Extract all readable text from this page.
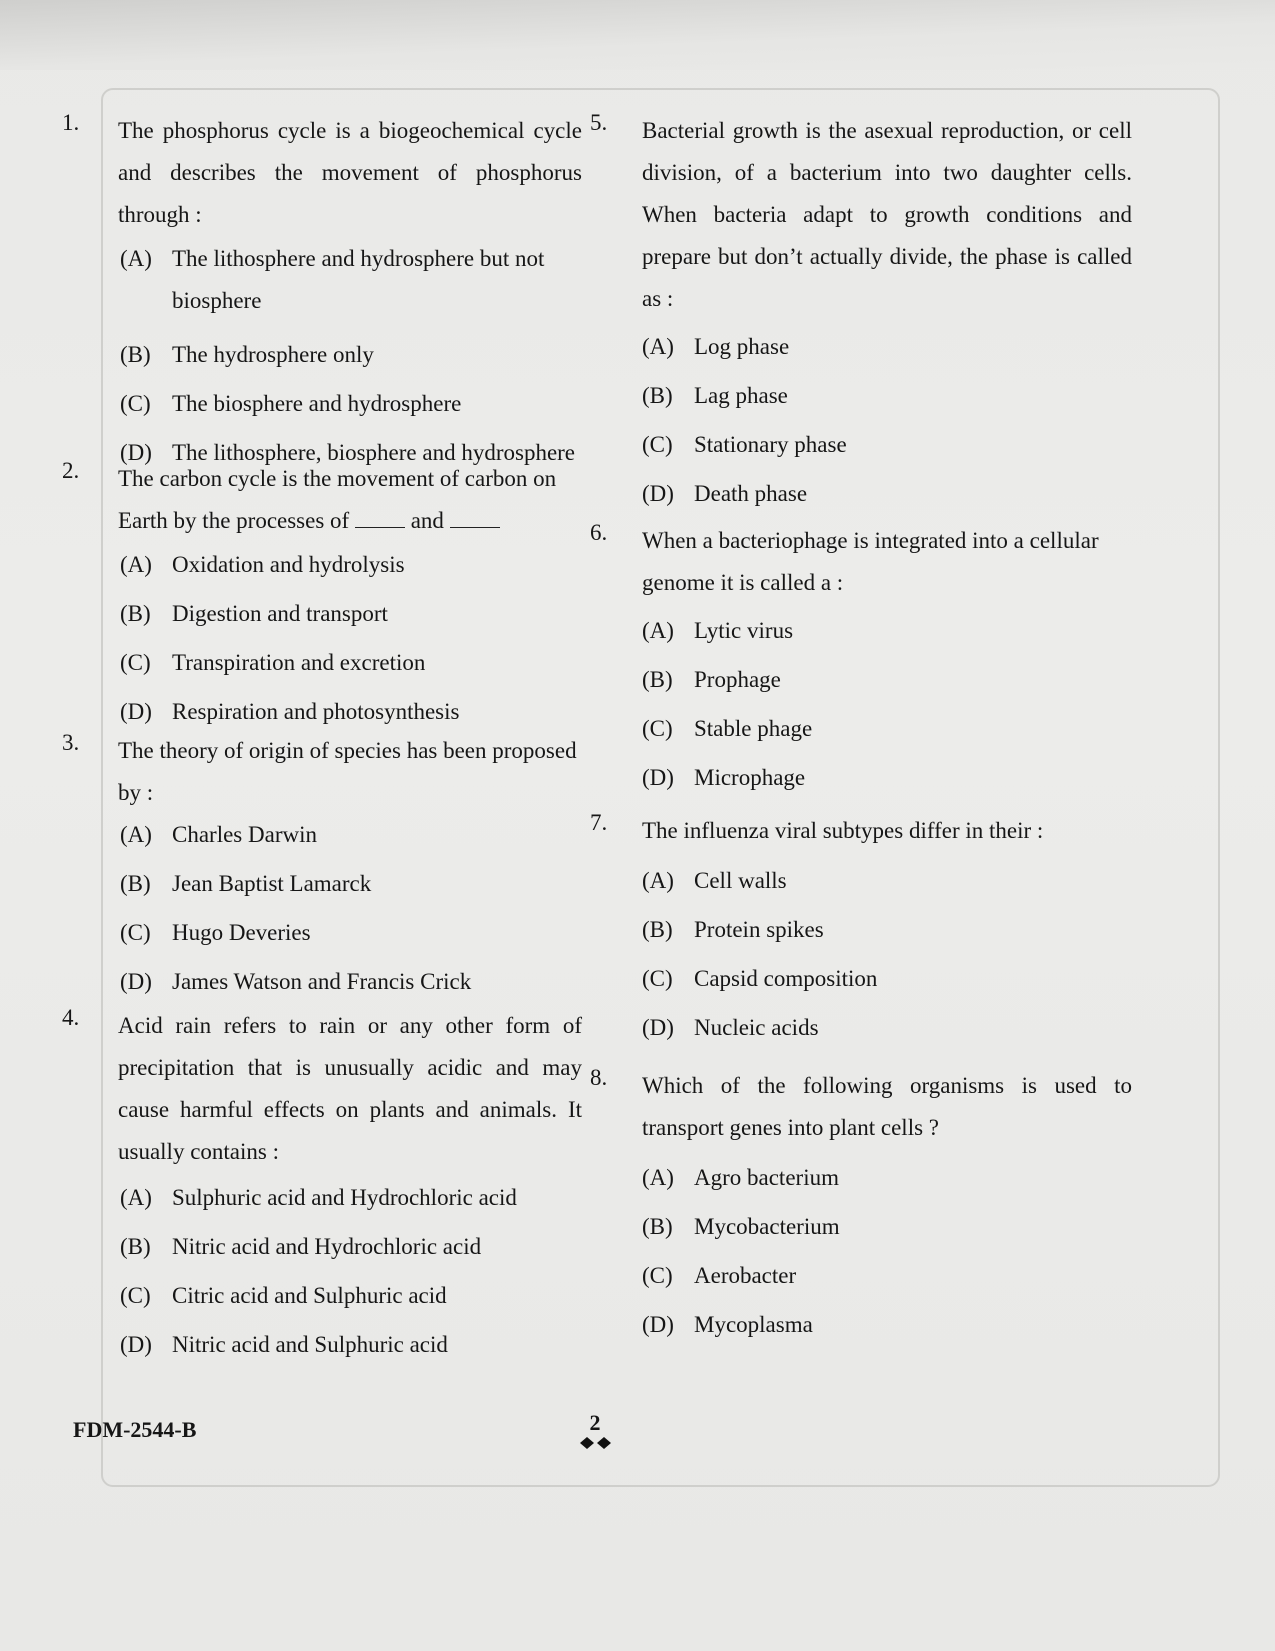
1.	The phosphorus cycle is a biogeochemical cycle and describes the movement of phosphorus through :
(A) The lithosphere and hydrosphere but not biosphere
(B) The hydrosphere only
(C) The biosphere and hydrosphere
(D) The lithosphere, biosphere and hydrosphere
2.	The carbon cycle is the movement of carbon on Earth by the processes of	and
(A) Oxidation and hydrolysis
(B) Digestion and transport
(C) Transpiration and excretion
(D) Respiration and photosynthesis
3.	The theory of origin of species has been proposed by :
(A) Charles Darwin
(B) Jean Baptist Lamarck
(C) Hugo Deveries
(D) James Watson and Francis Crick
4.	Acid rain refers to rain or any other form of precipitation that is unusually acidic and may cause harmful effects on plants and animals. It usually contains :
(A) Sulphuric acid and Hydrochloric acid
(B) Nitric acid and Hydrochloric acid
(C) Citric acid and Sulphuric acid
(D) Nitric acid and Sulphuric acid
5.	Bacterial growth is the asexual reproduction, or cell division, of a bacterium into two daughter cells. When bacteria adapt to growth conditions and prepare but don’t actually divide, the phase is called as :
(A) Log phase
(B) Lag phase
(C) Stationary phase
(D) Death phase
6.	When a bacteriophage is integrated into a cellular genome it is called a :
(A) Lytic virus
(B) Prophage
(C) Stable phage
(D) Microphage
7.	The influenza viral subtypes differ in their :
(A) Cell walls
(B) Protein spikes
(C) Capsid composition
(D) Nucleic acids
8.	Which of the following organisms is used to transport genes into plant cells ?
(A) Agro bacterium
(B) Mycobacterium
(C) Aerobacter
(D) Mycoplasma
FDM-2544-B	2
